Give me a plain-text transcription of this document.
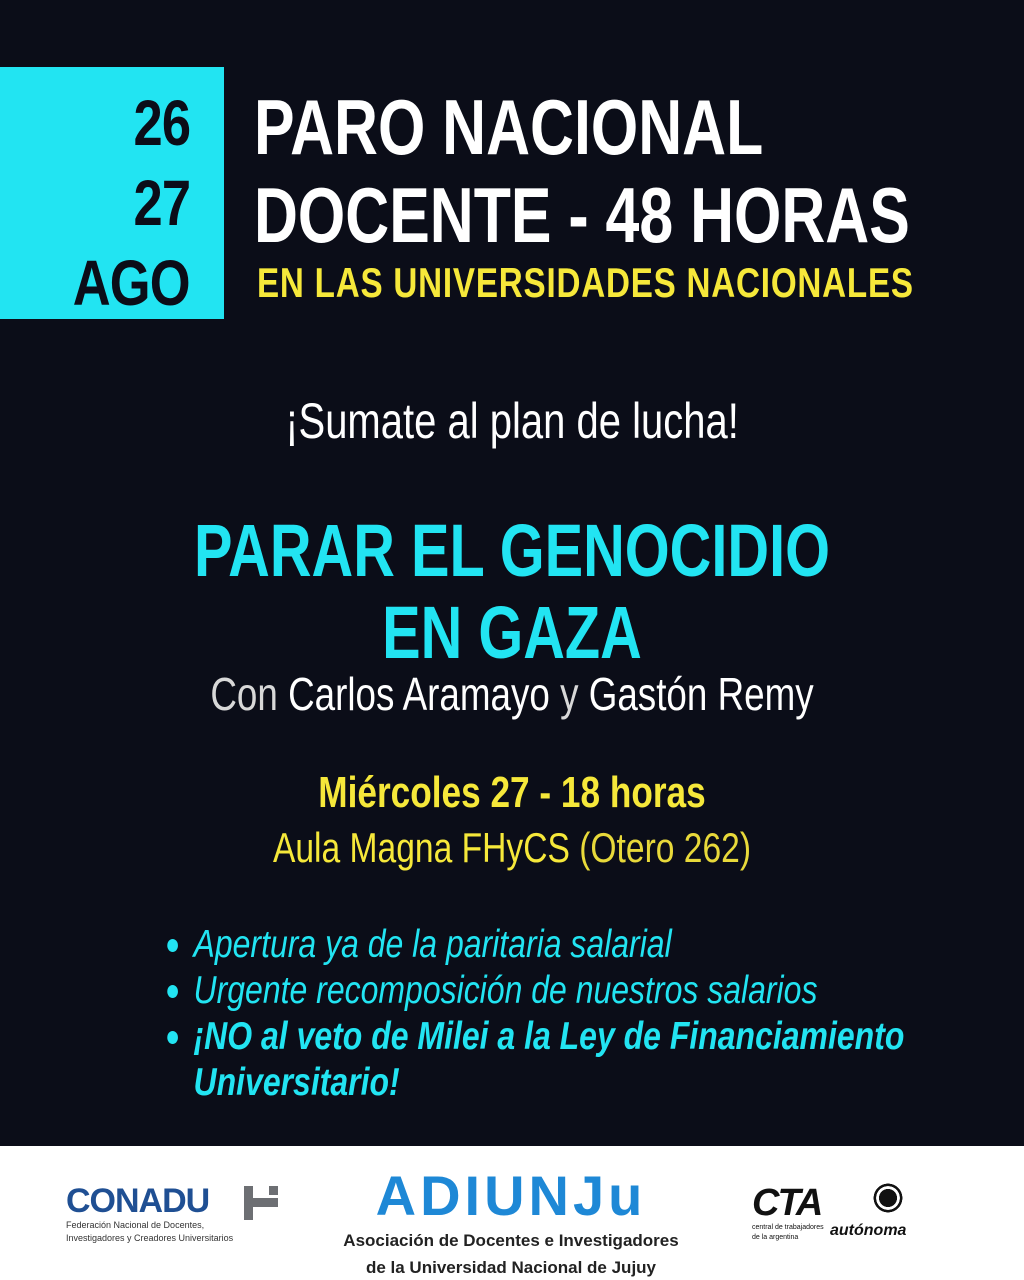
26
27
AGO
PARO NACIONAL
DOCENTE - 48 HORAS
EN LAS UNIVERSIDADES NACIONALES
¡Sumate al plan de lucha!
PARAR EL GENOCIDIO
EN GAZA
Con Carlos Aramayo y Gastón Remy
Miércoles 27 - 18 horas
Aula Magna FHyCS (Otero 262)
Apertura ya de la paritaria salarial
Urgente recomposición de nuestros salarios
¡NO al veto de Milei a la Ley de Financiamiento
Universitario!
CONADU
Federación Nacional de Docentes,
Investigadores y Creadores Universitarios
ADIUNJu
Asociación de Docentes e Investigadores
de la Universidad Nacional de Jujuy
CTA
central de trabajadores
de la argentina	autónoma
